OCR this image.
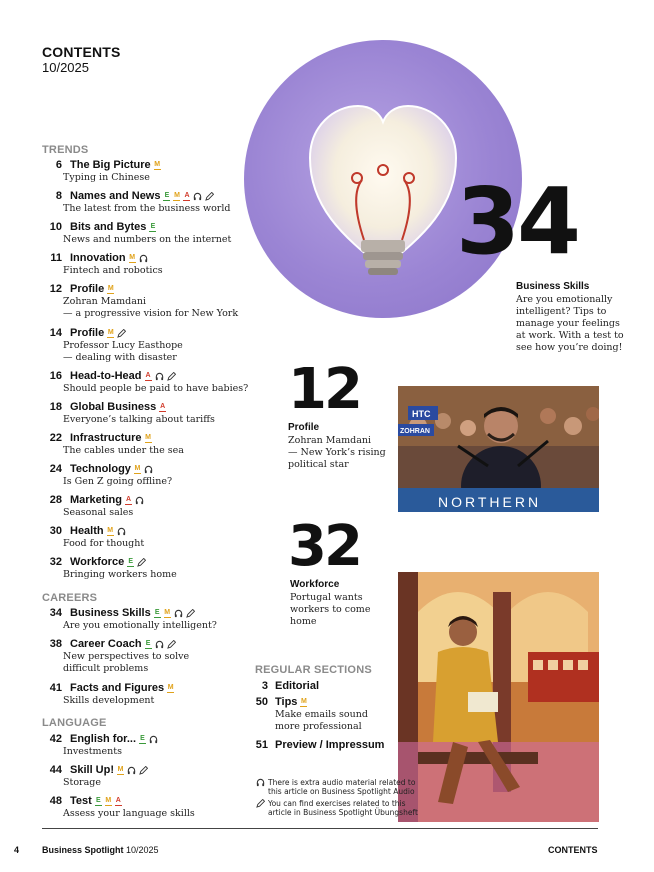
CONTENTS
10/2025
TRENDS
CAREERS
LANGUAGE
REGULAR SECTIONS
6 The Big Picture M
Typing in Chinese
8 Names and News E M A
The latest from the business world
10 Bits and Bytes E
News and numbers on the internet
11 Innovation M
Fintech and robotics
12 Profile M
Zohran Mamdani
— a progressive vision for New York
14 Profile M
Professor Lucy Easthope
— dealing with disaster
16 Head-to-Head A
Should people be paid to have babies?
18 Global Business A
Everyone’s talking about tariffs
22 Infrastructure M
The cables under the sea
24 Technology M
Is Gen Z going offline?
28 Marketing A
Seasonal sales
30 Health M
Food for thought
32 Workforce E
Bringing workers home
34 Business Skills E M
Are you emotionally intelligent?
38 Career Coach E
New perspectives to solve
difficult problems
41 Facts and Figures M
Skills development
42 English for... E
Investments
44 Skill Up! M
Storage
48 Test E M A
Assess your language skills
34
Business Skills
Are you emotionally
intelligent? Tips to
manage your feelings
at work. With a test to
see how you’re doing!
12
Profile
Zohran Mamdani
— New York’s rising
political star
HTC
ZOHRAN
NORTHERN
32
Workforce
Portugal wants
workers to come
home
3 Editorial
50 Tips M
Make emails sound
more professional
51 Preview / Impressum
There is extra audio material related to
this article on Business Spotlight Audio
You can find exercises related to this
article in Business Spotlight Übungsheft
4	Business Spotlight 10/2025	CONTENTS
